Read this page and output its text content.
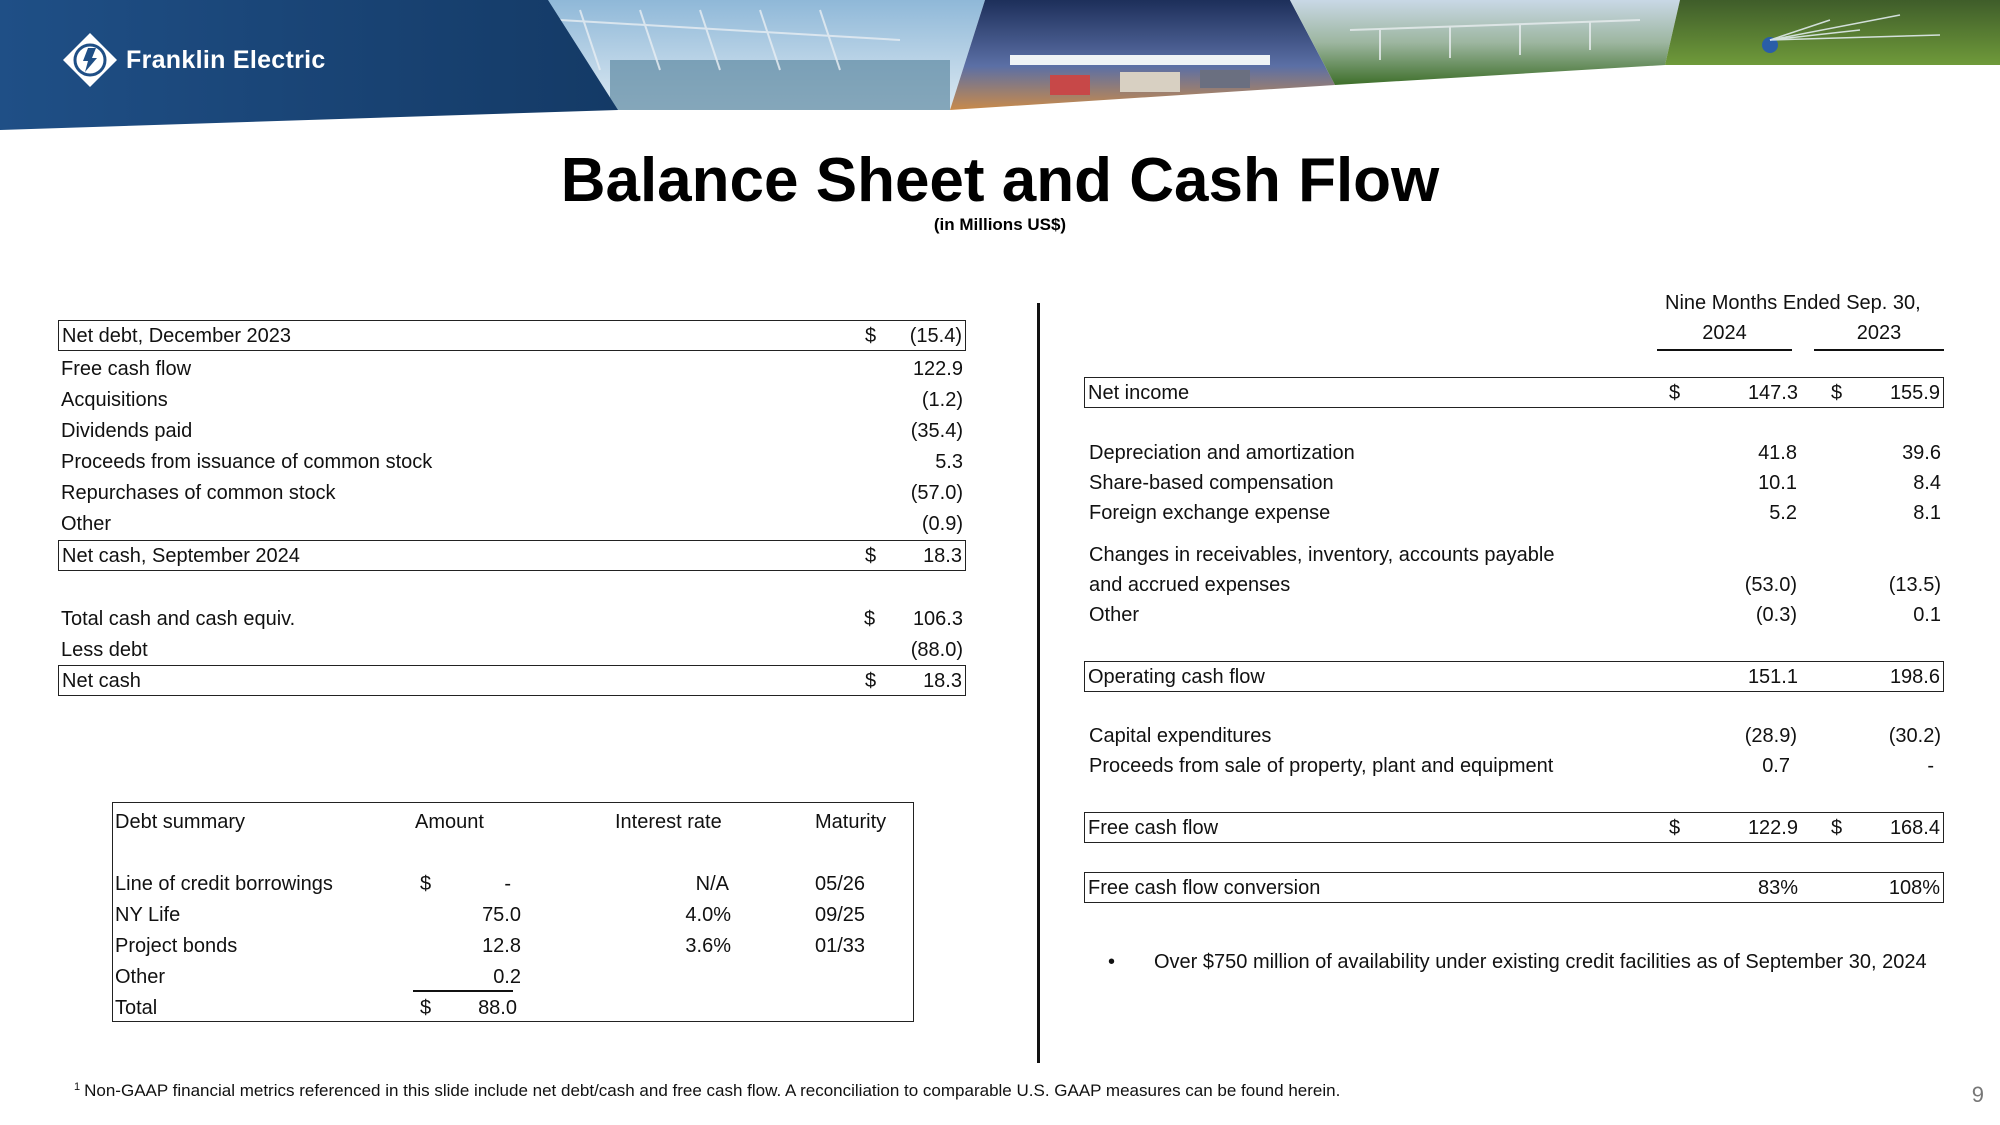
Franklin Electric
Balance Sheet and Cash Flow
(in Millions US$)
Net debt, December 2023	$ (15.4)
Free cash flow	122.9
Acquisitions	(1.2)
Dividends paid	(35.4)
Proceeds from issuance of common stock	5.3
Repurchases of common stock	(57.0)
Other	(0.9)
Net cash, September 2024	$ 18.3
Total cash and cash equiv.	$ 106.3
Less debt	(88.0)
Net cash	$ 18.3
Debt summary	Amount	Interest rate	Maturity
Line of credit borrowings	$	-	N/A	05/26
NY Life	75.0	4.0%	09/25
Project bonds	12.8	3.6%	01/33
Other	0.2
Total	$	88.0
Nine Months Ended Sep. 30,
2024	2023
Net income	$	147.3 $ 155.9
Depreciation and amortization	41.8	39.6
Share-based compensation	10.1	8.4
Foreign exchange expense	5.2	8.1
Changes in receivables, inventory, accounts payable
and accrued expenses	(53.0)	(13.5)
Other	(0.3)	0.1
Operating cash flow	151.1	198.6
Capital expenditures	(28.9)	(30.2)
Proceeds from sale of property, plant and equipment	0.7	-
Free cash flow	$	122.9 $ 168.4
Free cash flow conversion	83%	108%
• Over $750 million of availability under existing credit facilities as of September 30, 2024
$^1$ Non-GAAP financial metrics referenced in this slide include net debt/cash and free cash flow. A reconciliation to comparable U.S. GAAP measures can be found herein.	9
